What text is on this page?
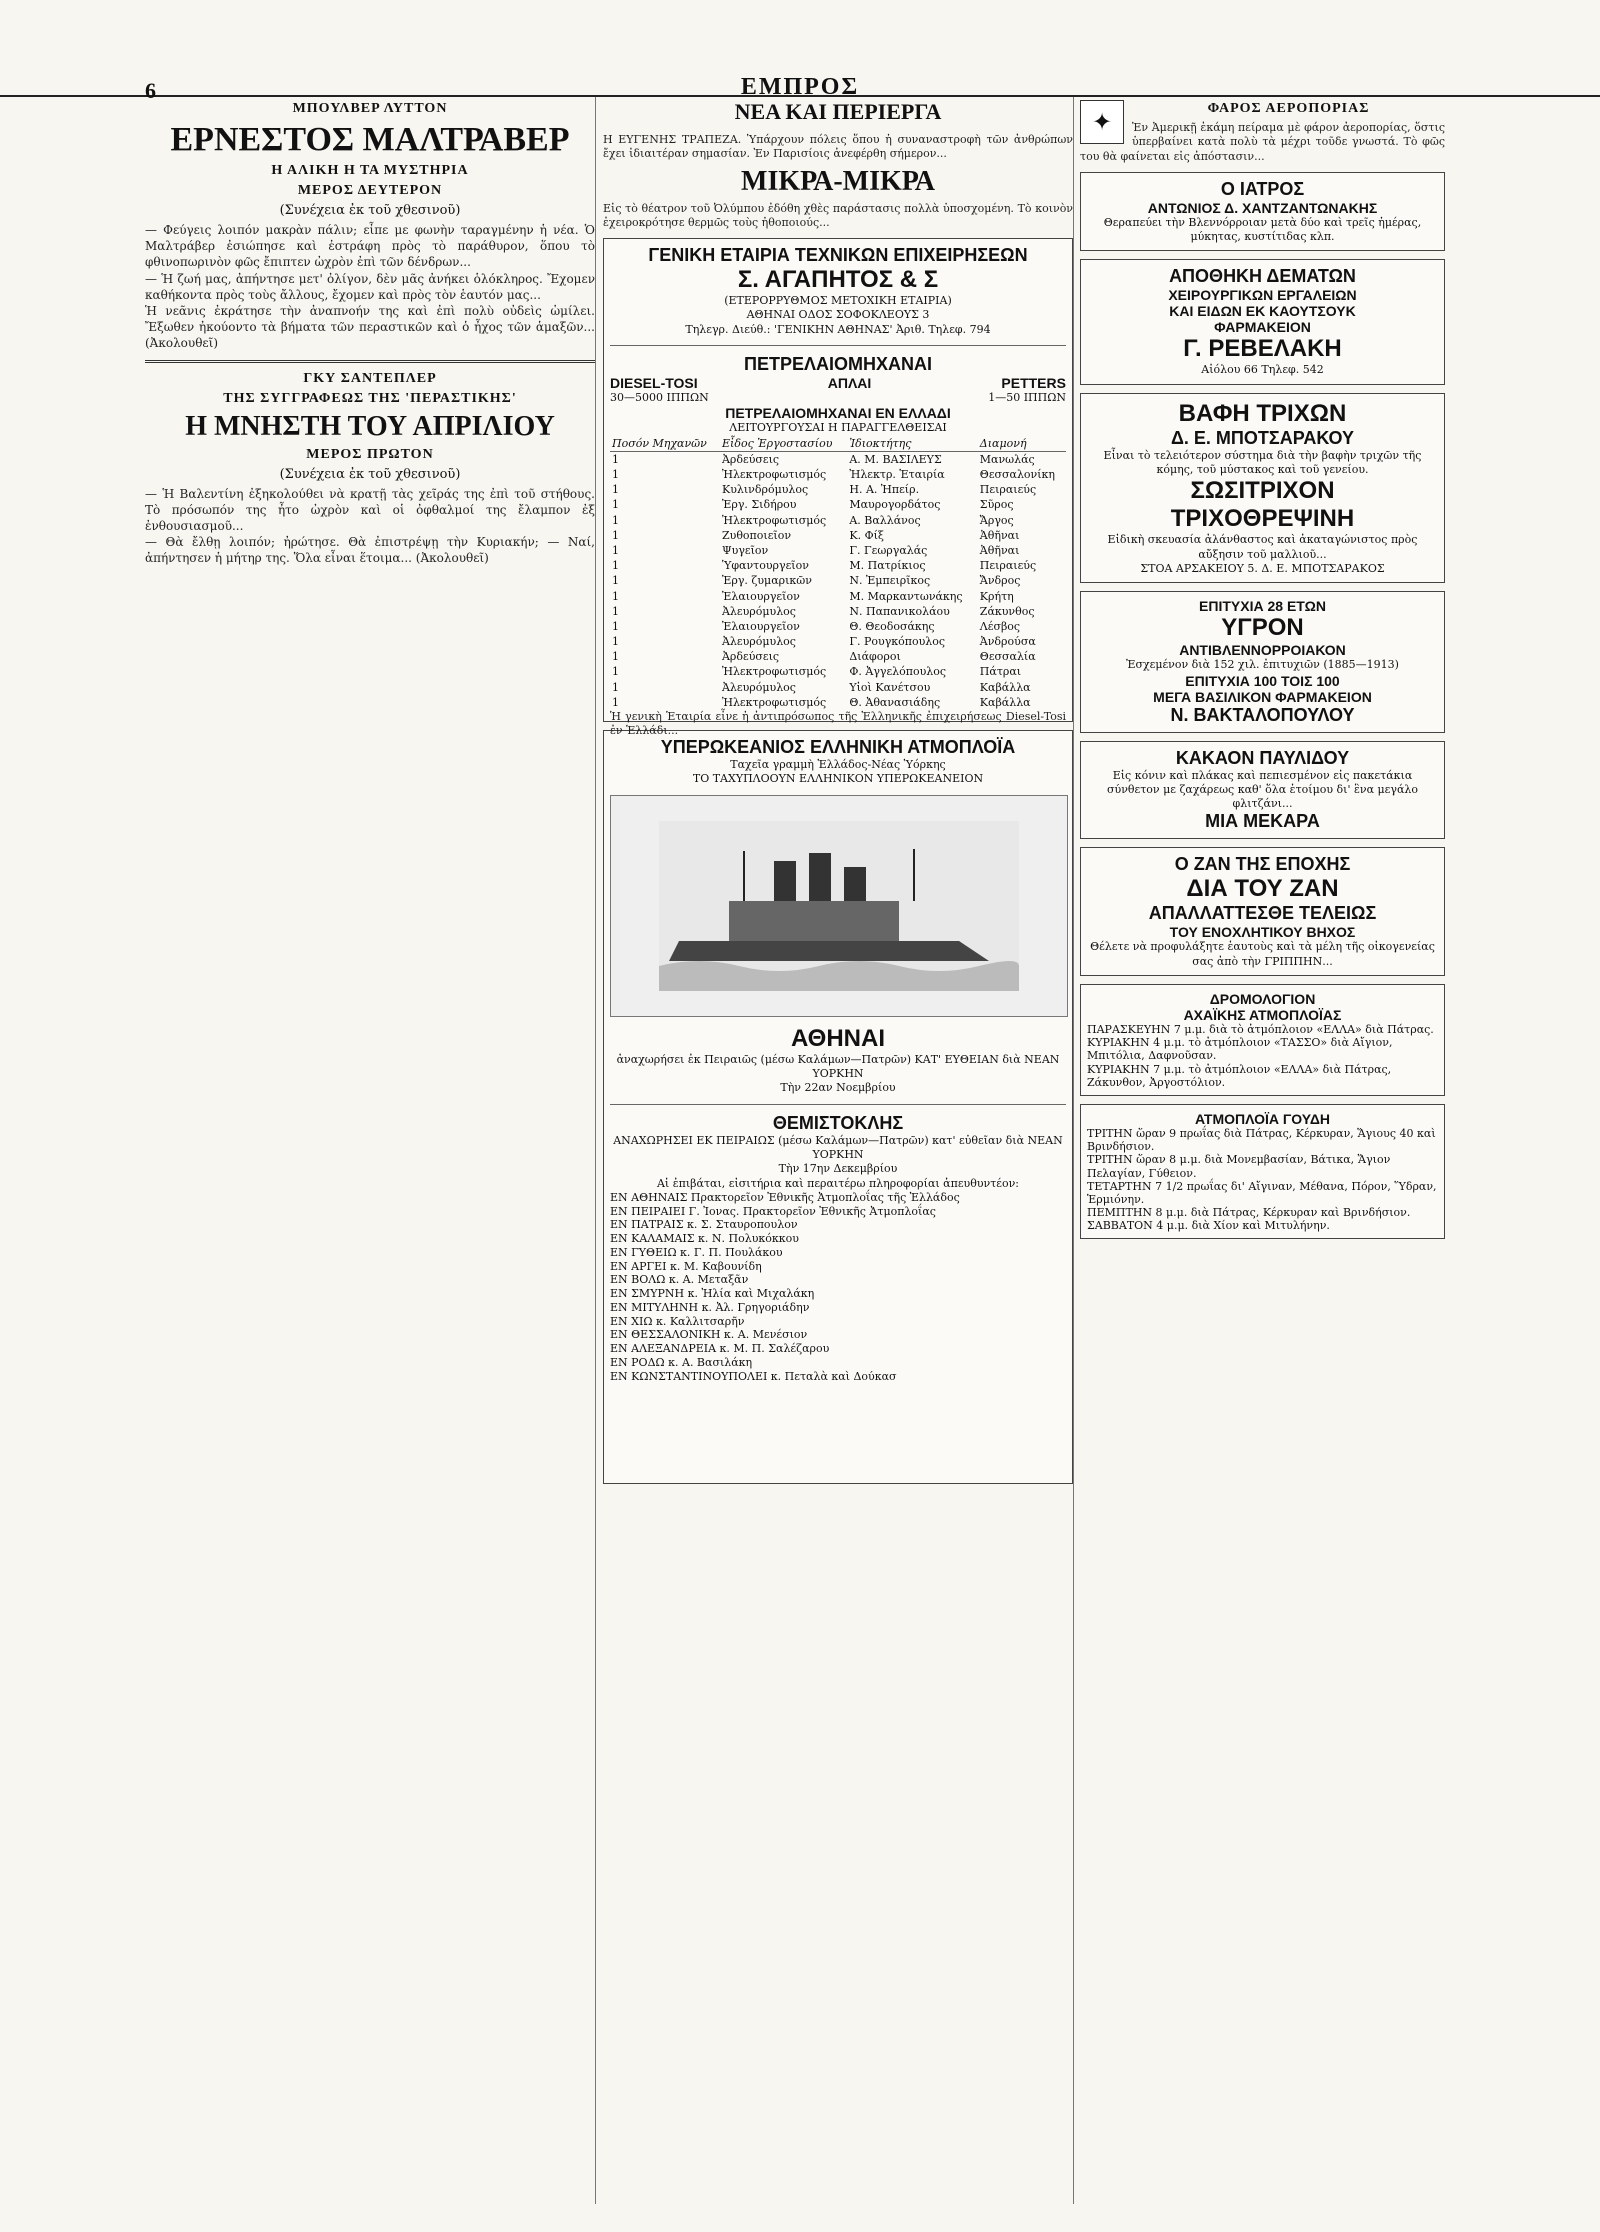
6	ΕΜΠΡΟΣ
ΜΠΟΥΛΒΕΡ ΛΥΤΤΟΝ
ΕΡΝΕΣΤΟΣ ΜΑΛΤΡΑΒΕΡ
Η ΑΛΙΚΗ Η ΤΑ ΜΥΣΤΗΡΙΑ
ΜΕΡΟΣ ΔΕΥΤΕΡΟΝ
(Συνέχεια ἐκ τοῦ χθεσινοῦ)

— Φεύγεις λοιπόν μακρὰν πάλιν; εἶπε με φωνὴν ταραγμένην ἡ νέα. Ὁ Μαλτράβερ ἐσιώπησε καὶ ἐστράφη πρὸς τὸ παράθυρον, ὅπου τὸ φθινοπωρινὸν φῶς ἔπιπτεν ὠχρὸν ἐπὶ τῶν δένδρων...

— Ἡ ζωή μας, ἀπήντησε μετ' ὀλίγον, δὲν μᾶς ἀνήκει ὁλόκληρος. Ἔχομεν καθήκοντα πρὸς τοὺς ἄλλους, ἔχομεν καὶ πρὸς τὸν ἑαυτόν μας...

Ἡ νεᾶνις ἐκράτησε τὴν ἀναπνοήν της καὶ ἐπὶ πολὺ οὐδεὶς ὡμίλει. Ἔξωθεν ἠκούοντο τὰ βήματα τῶν περαστικῶν καὶ ὁ ἦχος τῶν ἁμαξῶν... (Ἀκολουθεῖ)

ΓΚΥ ΣΑΝΤΕΠΛΕΡ
ΤΗΣ ΣΥΓΓΡΑΦΕΩΣ ΤΗΣ 'ΠΕΡΑΣΤΙΚΗΣ'
Η ΜΝΗΣΤΗ ΤΟΥ ΑΠΡΙΛΙΟΥ
ΜΕΡΟΣ ΠΡΩΤΟΝ
(Συνέχεια ἐκ τοῦ χθεσινοῦ)

— Ἡ Βαλεντίνη ἐξηκολούθει νὰ κρατῇ τὰς χεῖράς της ἐπὶ τοῦ στήθους. Τὸ πρόσωπόν της ἦτο ὠχρὸν καὶ οἱ ὀφθαλμοί της ἔλαμπον ἐξ ἐνθουσιασμοῦ...

— Θὰ ἔλθῃ λοιπόν; ἠρώτησε. Θὰ ἐπιστρέψῃ τὴν Κυριακήν; — Ναί, ἀπήντησεν ἡ μήτηρ της. Ὅλα εἶναι ἕτοιμα... (Ἀκολουθεῖ)

ΝΕΑ ΚΑΙ ΠΕΡΙΕΡΓΑ

Η ΕΥΓΕΝΗΣ ΤΡΑΠΕΖΑ. Ὑπάρχουν πόλεις ὅπου ἡ συναναστροφὴ τῶν ἀνθρώπων ἔχει ἰδιαιτέραν σημασίαν. Ἐν Παρισίοις ἀνεφέρθη σήμερον...

ΜΙΚΡΑ-ΜΙΚΡΑ

Εἰς τὸ θέατρον τοῦ Ὀλύμπου ἐδόθη χθὲς παράστασις πολλὰ ὑποσχομένη. Τὸ κοινὸν ἐχειροκρότησε θερμῶς τοὺς ἠθοποιούς...

ΓΕΝΙΚΗ ΕΤΑΙΡΙΑ ΤΕΧΝΙΚΩΝ ΕΠΙΧΕΙΡΗΣΕΩΝ
Σ. ΑΓΑΠΗΤΟΣ & Σ
(ΕΤΕΡΟΡΡΥΘΜΟΣ ΜΕΤΟΧΙΚΗ ΕΤΑΙΡΙΑ)
ΑΘΗΝΑΙ ΟΔΟΣ ΣΟΦΟΚΛΕΟΥΣ 3
Τηλεγρ. Διεύθ.: 'ΓΕΝΙΚΗΝ ΑΘΗΝΑΣ' Ἀριθ. Τηλεφ. 794
ΠΕΤΡΕΛΑΙΟΜΗΧΑΝΑΙ
DIESEL-TOSI	ΑΠΛΑΙ	PETTERS
30—5000 ΙΠΠΩΝ	1—50 ΙΠΠΩΝ
ΠΕΤΡΕΛΑΙΟΜΗΧΑΝΑΙ ΕΝ ΕΛΛΑΔΙ
ΛΕΙΤΟΥΡΓΟΥΣΑΙ Η ΠΑΡΑΓΓΕΛΘΕΙΣΑΙ
Ποσόν Μηχανῶν	Εἶδος Ἐργοστασίου	Ἰδιοκτήτης	Διαμονή
1	Ἀρδεύσεις	Α. Μ. ΒΑΣΙΛΕΥΣ	Μανωλάς
1	Ἠλεκτροφωτισμός	Ἠλεκτρ. Ἑταιρία	Θεσσαλονίκη
1	Κυλινδρόμυλος	Η. Α. Ἠπείρ.	Πειραιεύς
1	Ἐργ. Σιδήρου	Μαυρογορδάτος	Σῦρος
1	Ἠλεκτροφωτισμός	Α. Βαλλάνος	Ἄργος
1	Ζυθοποιεῖον	Κ. Φίξ	Ἀθῆναι
1	Ψυγεῖον	Γ. Γεωργαλάς	Ἀθῆναι
1	Ὑφαντουργεῖον	Μ. Πατρίκιος	Πειραιεύς
1	Ἐργ. ζυμαρικῶν	Ν. Ἐμπειρῖκος	Ἄνδρος
1	Ἐλαιουργεῖον	Μ. Μαρκαντωνάκης	Κρήτη
1	Ἀλευρόμυλος	Ν. Παπανικολάου	Ζάκυνθος
1	Ἐλαιουργεῖον	Θ. Θεοδοσάκης	Λέσβος
1	Ἀλευρόμυλος	Γ. Ρουγκόπουλος	Ἀνδρούσα
1	Ἀρδεύσεις	Διάφοροι	Θεσσαλία
1	Ἠλεκτροφωτισμός	Φ. Ἀγγελόπουλος	Πάτραι
1	Ἀλευρόμυλος	Υἱοὶ Κανέτσου	Καβάλλα
1	Ἠλεκτροφωτισμός	Θ. Ἀθανασιάδης	Καβάλλα

Ἡ γενικὴ Ἑταιρία εἶνε ἡ ἀντιπρόσωπος τῆς Ἑλληνικῆς ἐπιχειρήσεως Diesel-Tosi ἐν Ἑλλάδι...

ΥΠΕΡΩΚΕΑΝΙΟΣ ΕΛΛΗΝΙΚΗ ΑΤΜΟΠΛΟΪΑ
Ταχεῖα γραμμὴ Ἑλλάδος-Νέας Ὑόρκης
ΤΟ ΤΑΧΥΠΛΟΟΥΝ ΕΛΛΗΝΙΚΟΝ ΥΠΕΡΩΚΕΑΝΕΙΟΝ
ΑΘΗΝΑΙ
ἀναχωρήσει ἐκ Πειραιῶς (μέσω Καλάμων—Πατρῶν) ΚΑΤ' ΕΥΘΕΙΑΝ διὰ ΝΕΑΝ ΥΟΡΚΗΝ
Τὴν 22αν Νοεμβρίου
ΘΕΜΙΣΤΟΚΛΗΣ
ΑΝΑΧΩΡΗΣΕΙ ΕΚ ΠΕΙΡΑΙΩΣ (μέσω Καλάμων—Πατρῶν) κατ' εὐθεῖαν διὰ ΝΕΑΝ ΥΟΡΚΗΝ
Τὴν 17ην Δεκεμβρίου
Αἱ ἐπιβάται, εἰσιτήρια καὶ περαιτέρω πληροφορίαι ἀπευθυντέον:
ΕΝ ΑΘΗΝΑΙΣ Πρακτορεῖον Ἐθνικῆς Ἀτμοπλοΐας τῆς Ἑλλάδος
ΕΝ ΠΕΙΡΑΙΕΙ Γ. Ἰονας. Πρακτορεῖον Ἐθνικῆς Ἀτμοπλοΐας
ΕΝ ΠΑΤΡΑΙΣ κ. Σ. Σταυροπουλον
ΕΝ ΚΑΛΑΜΑΙΣ κ. Ν. Πολυκόκκου
ΕΝ ΓΥΘΕΙΩ κ. Γ. Π. Πουλάκου
ΕΝ ΑΡΓΕΙ κ. Μ. Καβουνίδη
ΕΝ ΒΟΛΩ κ. Α. Μεταξᾶν
ΕΝ ΣΜΥΡΝΗ κ. Ἠλία καὶ Μιχαλάκη
ΕΝ ΜΙΤΥΛΗΝΗ κ. Ἀλ. Γρηγοριάδην
ΕΝ ΧΙΩ κ. Καλλιτσαρῆν
ΕΝ ΘΕΣΣΑΛΟΝΙΚΗ κ. Α. Μενέσιον
ΕΝ ΑΛΕΞΑΝΔΡΕΙΑ κ. Μ. Π. Σαλέζαρου
ΕΝ ΡΟΔΩ κ. Α. Βασιλάκη
ΕΝ ΚΩΝΣΤΑΝΤΙΝΟΥΠΟΛΕΙ κ. Πεταλὰ καὶ Δούκασ
✦	ΦΑΡΟΣ ΑΕΡΟΠΟΡΙΑΣ

Ἐν Ἀμερικῇ ἐκάμη πείραμα μὲ φάρον ἀεροπορίας, ὅστις ὑπερβαίνει κατὰ πολὺ τὰ μέχρι τοῦδε γνωστά. Τὸ φῶς του θὰ φαίνεται εἰς ἀπόστασιν...

Ο ΙΑΤΡΟΣ
ΑΝΤΩΝΙΟΣ Δ. ΧΑΝΤΖΑΝΤΩΝΑΚΗΣ
Θεραπεύει τὴν Βλεννόρροιαν μετὰ δύο καὶ τρεῖς ἡμέρας, μύκητας, κυστίτιδας κλπ.
ΑΠΟΘΗΚΗ ΔΕΜΑΤΩΝ
ΧΕΙΡΟΥΡΓΙΚΩΝ ΕΡΓΑΛΕΙΩΝ
ΚΑΙ ΕΙΔΩΝ ΕΚ ΚΑΟΥΤΣΟΥΚ
ΦΑΡΜΑΚΕΙΟΝ
Γ. ΡΕΒΕΛΑΚΗ
Αἰόλου 66 Τηλεφ. 542
ΒΑΦΗ ΤΡΙΧΩΝ
Δ. Ε. ΜΠΟΤΣΑΡΑΚΟΥ
Εἶναι τὸ τελειότερον σύστημα διὰ τὴν βαφὴν τριχῶν τῆς κόμης, τοῦ μύστακος καὶ τοῦ γενείου.
ΣΩΣΙΤΡΙΧΟΝ
ΤΡΙΧΟΘΡΕΨΙΝΗ
Εἰδικὴ σκευασία ἀλάνθαστος καὶ ἀκαταγώνιστος πρὸς αὔξησιν τοῦ μαλλιοῦ...
ΣΤΟΑ ΑΡΣΑΚΕΙΟΥ 5. Δ. Ε. ΜΠΟΤΣΑΡΑΚΟΣ
ΕΠΙΤΥΧΙΑ 28 ΕΤΩΝ
ΥΓΡΟΝ
ΑΝΤΙΒΛΕΝΝΟΡΡΟΙΑΚΟΝ
Ἐσχεμένον διὰ 152 χιλ. ἐπιτυχιῶν (1885—1913)
ΕΠΙΤΥΧΙΑ 100 ΤΟΙΣ 100
ΜΕΓΑ ΒΑΣΙΛΙΚΟΝ ΦΑΡΜΑΚΕΙΟΝ
Ν. ΒΑΚΤΑΛΟΠΟΥΛΟΥ
ΚΑΚΑΟΝ ΠΑΥΛΙΔΟΥ
Εἰς κόνιν καὶ πλάκας καὶ πεπιεσμένον εἰς πακετάκια σύνθετον με ζαχάρεως καθ' ὅλα ἑτοίμου δι' ἓνα μεγάλο φλιτζάνι...
ΜΙΑ ΜΕΚΑΡΑ
Ο ΖΑΝ ΤΗΣ ΕΠΟΧΗΣ
ΔΙΑ ΤΟΥ ΖΑΝ
ΑΠΑΛΛΑΤΤΕΣΘΕ ΤΕΛΕΙΩΣ
ΤΟΥ ΕΝΟΧΛΗΤΙΚΟΥ ΒΗΧΟΣ
Θέλετε νὰ προφυλάξητε ἑαυτοὺς καὶ τὰ μέλη τῆς οἰκογενείας σας ἀπὸ τὴν ΓΡΙΠΠΗΝ...
ΔΡΟΜΟΛΟΓΙΟΝ
ΑΧΑΪΚΗΣ ΑΤΜΟΠΛΟΪΑΣ
ΠΑΡΑΣΚΕΥΗΝ 7 μ.μ. διὰ τὸ ἀτμόπλοιον «ΕΛΛΑ» διὰ Πάτρας.
ΚΥΡΙΑΚΗΝ 4 μ.μ. τὸ ἀτμόπλοιον «ΤΑΣΣΟ» διὰ Αἴγιον, Μπιτόλια, Δαφνοῦσαν.
ΚΥΡΙΑΚΗΝ 7 μ.μ. τὸ ἀτμόπλοιον «ΕΛΛΑ» διὰ Πάτρας, Ζάκυνθον, Ἀργοστόλιον.
ΑΤΜΟΠΛΟΪΑ ΓΟΥΔΗ
ΤΡΙΤΗΝ ὥραν 9 πρωΐας διὰ Πάτρας, Κέρκυραν, Ἅγιους 40 καὶ Βρινδήσιον.
ΤΡΙΤΗΝ ὥραν 8 μ.μ. διὰ Μονεμβασίαν, Βάτικα, Ἅγιον Πελαγίαν, Γύθειον.
ΤΕΤΑΡΤΗΝ 7 1/2 πρωΐας δι' Αἴγιναν, Μέθανα, Πόρον, Ὕδραν, Ἑρμιόνην.
ΠΕΜΠΤΗΝ 8 μ.μ. διὰ Πάτρας, Κέρκυραν καὶ Βρινδήσιον.
ΣΑΒΒΑΤΟΝ 4 μ.μ. διὰ Χίον καὶ Μιτυλήνην.
